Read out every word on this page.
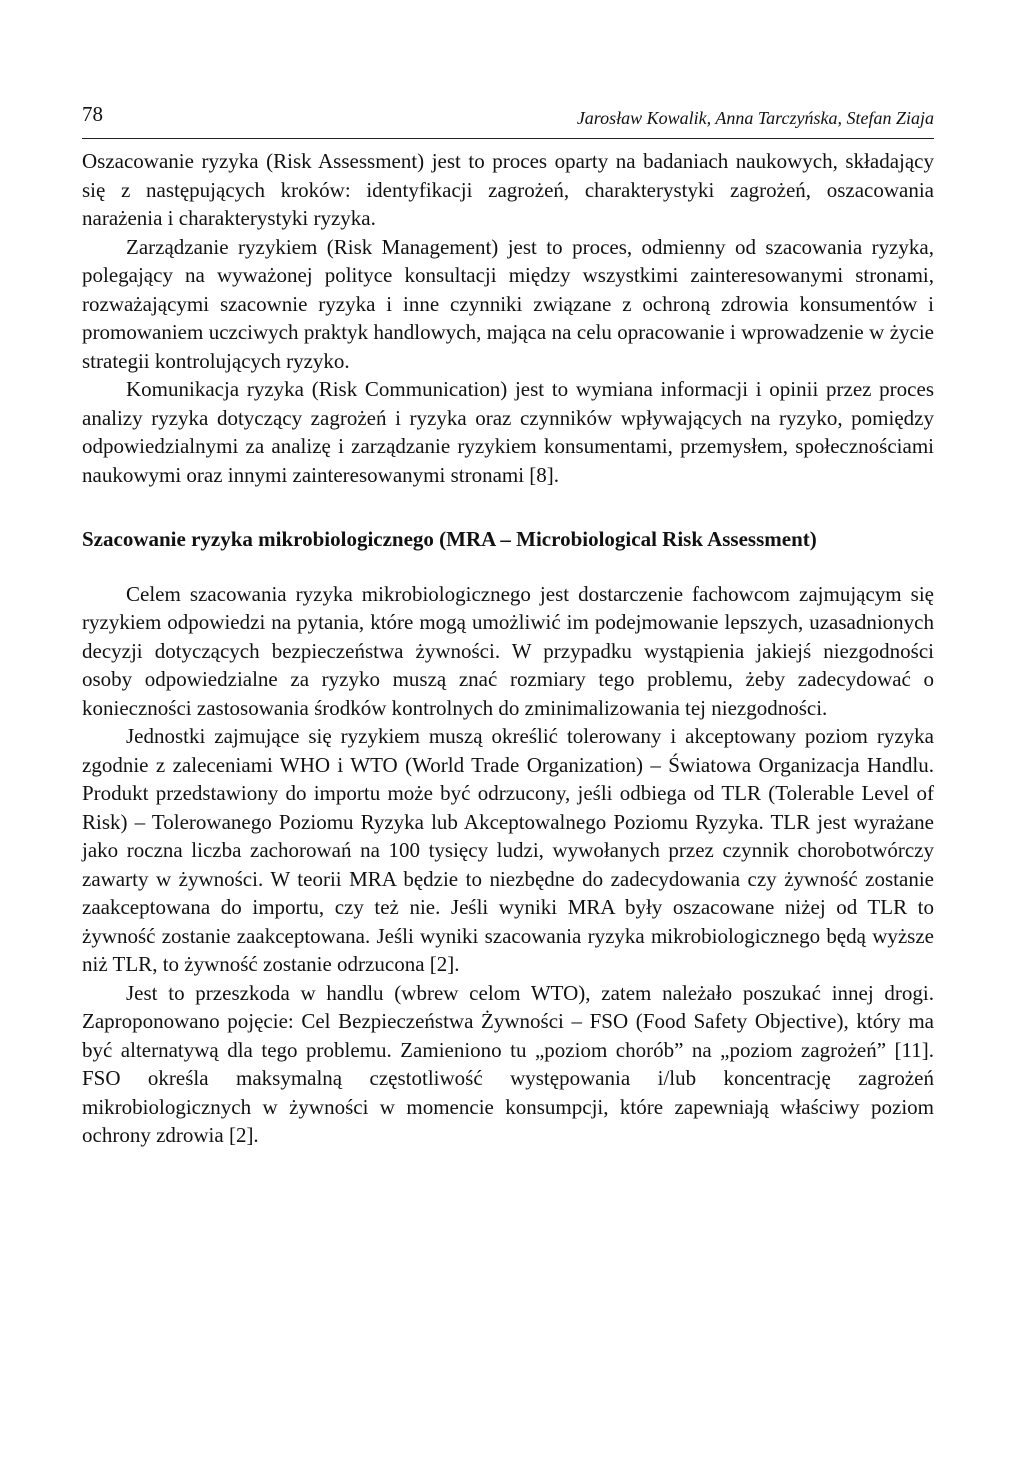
78	Jarosław Kowalik, Anna Tarczyńska, Stefan Ziaja

Oszacowanie ryzyka (Risk Assessment) jest to proces oparty na badaniach naukowych, składający się z następujących kroków: identyfikacji zagrożeń, charakterystyki zagrożeń, oszacowania narażenia i charakterystyki ryzyka.

Zarządzanie ryzykiem (Risk Management) jest to proces, odmienny od szacowania ryzyka, polegający na wyważonej polityce konsultacji między wszystkimi zainteresowanymi stronami, rozważającymi szacownie ryzyka i inne czynniki związane z ochroną zdrowia konsumentów i promowaniem uczciwych praktyk handlowych, mająca na celu opracowanie i wprowadzenie w życie strategii kontrolujących ryzyko.

Komunikacja ryzyka (Risk Communication) jest to wymiana informacji i opinii przez proces analizy ryzyka dotyczący zagrożeń i ryzyka oraz czynników wpływających na ryzyko, pomiędzy odpowiedzialnymi za analizę i zarządzanie ryzykiem konsumentami, przemysłem, społecznościami naukowymi oraz innymi zainteresowanymi stronami [8].

Szacowanie ryzyka mikrobiologicznego (MRA – Microbiological Risk Assessment)

Celem szacowania ryzyka mikrobiologicznego jest dostarczenie fachowcom zajmującym się ryzykiem odpowiedzi na pytania, które mogą umożliwić im podejmowanie lepszych, uzasadnionych decyzji dotyczących bezpieczeństwa żywności. W przypadku wystąpienia jakiejś niezgodności osoby odpowiedzialne za ryzyko muszą znać rozmiary tego problemu, żeby zadecydować o konieczności zastosowania środków kontrolnych do zminimalizowania tej niezgodności.

Jednostki zajmujące się ryzykiem muszą określić tolerowany i akceptowany poziom ryzyka zgodnie z zaleceniami WHO i WTO (World Trade Organization) – Światowa Organizacja Handlu. Produkt przedstawiony do importu może być odrzucony, jeśli odbiega od TLR (Tolerable Level of Risk) – Tolerowanego Poziomu Ryzyka lub Akceptowalnego Poziomu Ryzyka. TLR jest wyrażane jako roczna liczba zachorowań na 100 tysięcy ludzi, wywołanych przez czynnik chorobotwórczy zawarty w żywności. W teorii MRA będzie to niezbędne do zadecydowania czy żywność zostanie zaakceptowana do importu, czy też nie. Jeśli wyniki MRA były oszacowane niżej od TLR to żywność zostanie zaakceptowana. Jeśli wyniki szacowania ryzyka mikrobiologicznego będą wyższe niż TLR, to żywność zostanie odrzucona [2].

Jest to przeszkoda w handlu (wbrew celom WTO), zatem należało poszukać innej drogi. Zaproponowano pojęcie: Cel Bezpieczeństwa Żywności – FSO (Food Safety Objective), który ma być alternatywą dla tego problemu. Zamieniono tu „poziom chorób” na „poziom zagrożeń” [11]. FSO określa maksymalną częstotliwość występowania i/lub koncentrację zagrożeń mikrobiologicznych w żywności w momencie konsumpcji, które zapewniają właściwy poziom ochrony zdrowia [2].
